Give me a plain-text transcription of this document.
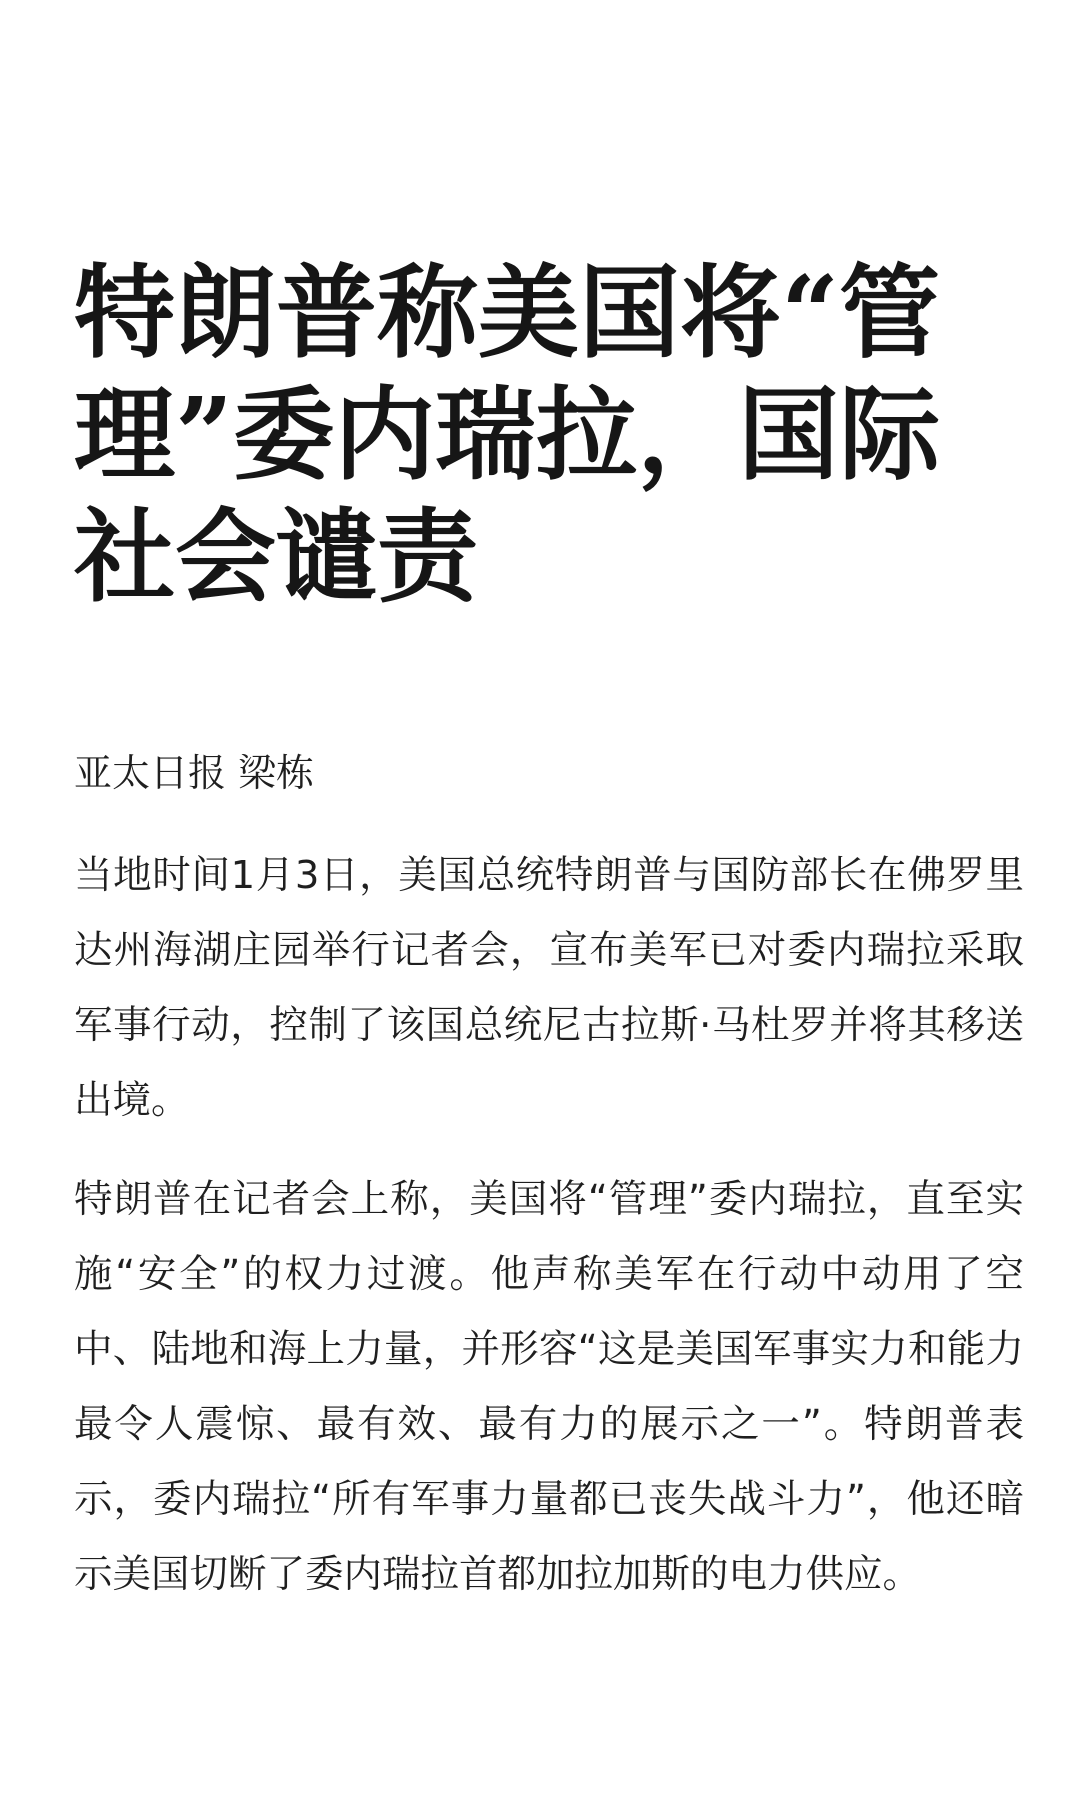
特朗普称美国将“管理”委内瑞拉，国际社会谴责

亚太日报 梁栋

当地时间1月3日，美国总统特朗普与国防部长在佛罗里达州海湖庄园举行记者会，宣布美军已对委内瑞拉采取军事行动，控制了该国总统尼古拉斯·马杜罗并将其移送出境。

特朗普在记者会上称，美国将“管理”委内瑞拉，直至实施“安全”的权力过渡。他声称美军在行动中动用了空中、陆地和海上力量，并形容“这是美国军事实力和能力最令人震惊、最有效、最有力的展示之一”。特朗普表示，委内瑞拉“所有军事力量都已丧失战斗力”，他还暗示美国切断了委内瑞拉首都加拉加斯的电力供应。
